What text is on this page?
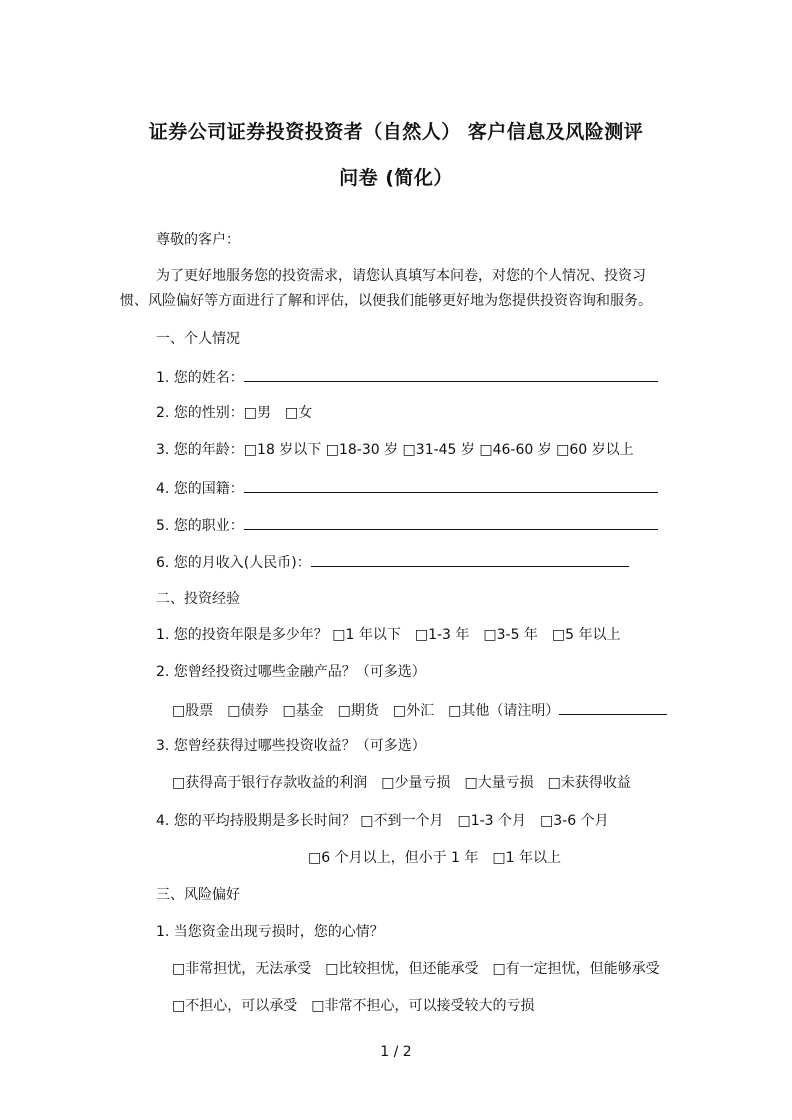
证券公司证券投资投资者（自然人） 客户信息及风险测评
问卷 (简化）
尊敬的客户：
为了更好地服务您的投资需求，请您认真填写本问卷，对您的个人情况、投资习
惯、风险偏好等方面进行了解和评估，以便我们能够更好地为您提供投资咨询和服务。
一、个人情况
1. 您的姓名：
2. 您的性别：□男　□女
3. 您的年龄：□18 岁以下 □18-30 岁 □31-45 岁 □46-60 岁 □60 岁以上
4. 您的国籍：
5. 您的职业：
6. 您的月收入(人民币)：
二、投资经验
1. 您的投资年限是多少年？ □1 年以下　□1-3 年　□3-5 年　□5 年以上
2. 您曾经投资过哪些金融产品？（可多选）
□股票　□债券　□基金　□期货　□外汇　□其他（请注明）
3. 您曾经获得过哪些投资收益？（可多选）
□获得高于银行存款收益的利润　□少量亏损　□大量亏损　□未获得收益
4. 您的平均持股期是多长时间？ □不到一个月　□1-3 个月　□3-6 个月
□6 个月以上，但小于 1 年　□1 年以上
三、风险偏好
1. 当您资金出现亏损时，您的心情？
□非常担忧，无法承受　□比较担忧，但还能承受　□有一定担忧，但能够承受
□不担心，可以承受　□非常不担心，可以接受较大的亏损
1 / 2
